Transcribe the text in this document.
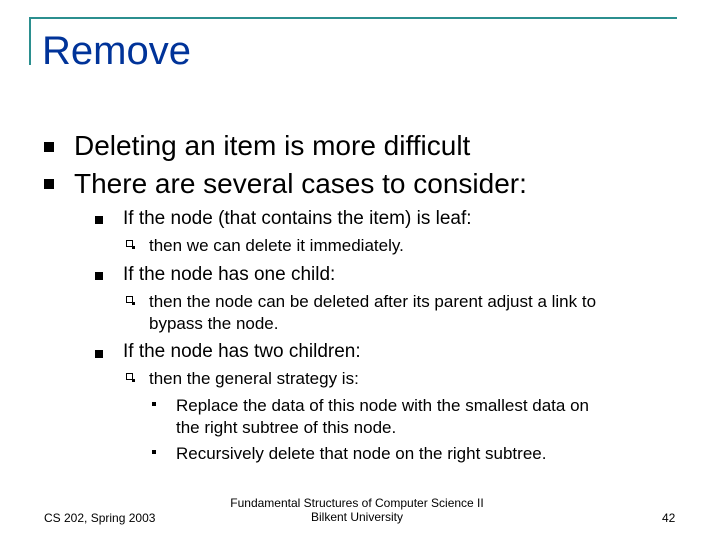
Remove
Deleting an item is more difficult
There are several cases to consider:
If the node (that contains the item) is leaf:
then we can delete it immediately.
If the node has one child:
then the node can be deleted after its parent adjust a link to
bypass the node.
If the node has two children:
then the general strategy is:
Replace the data of this node with the smallest data on
the right subtree of this node.
Recursively delete that node on the right subtree.
CS 202, Spring 2003
Fundamental Structures of Computer Science II
Bilkent University	42
